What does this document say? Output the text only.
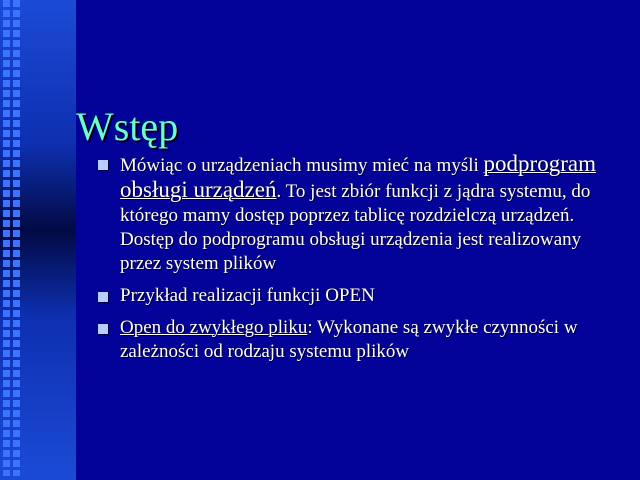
Wstęp
Mówiąc o urządzeniach musimy mieć na myśli podprogram obsługi urządzeń. To jest zbiór funkcji z jądra systemu, do którego mamy dostęp poprzez tablicę rozdzielczą urządzeń. Dostęp do podprogramu obsługi urządzenia jest realizowany przez system plików
Przykład realizacji funkcji OPEN
Open do zwykłego pliku: Wykonane są zwykłe czynności w zależności od rodzaju systemu plików
